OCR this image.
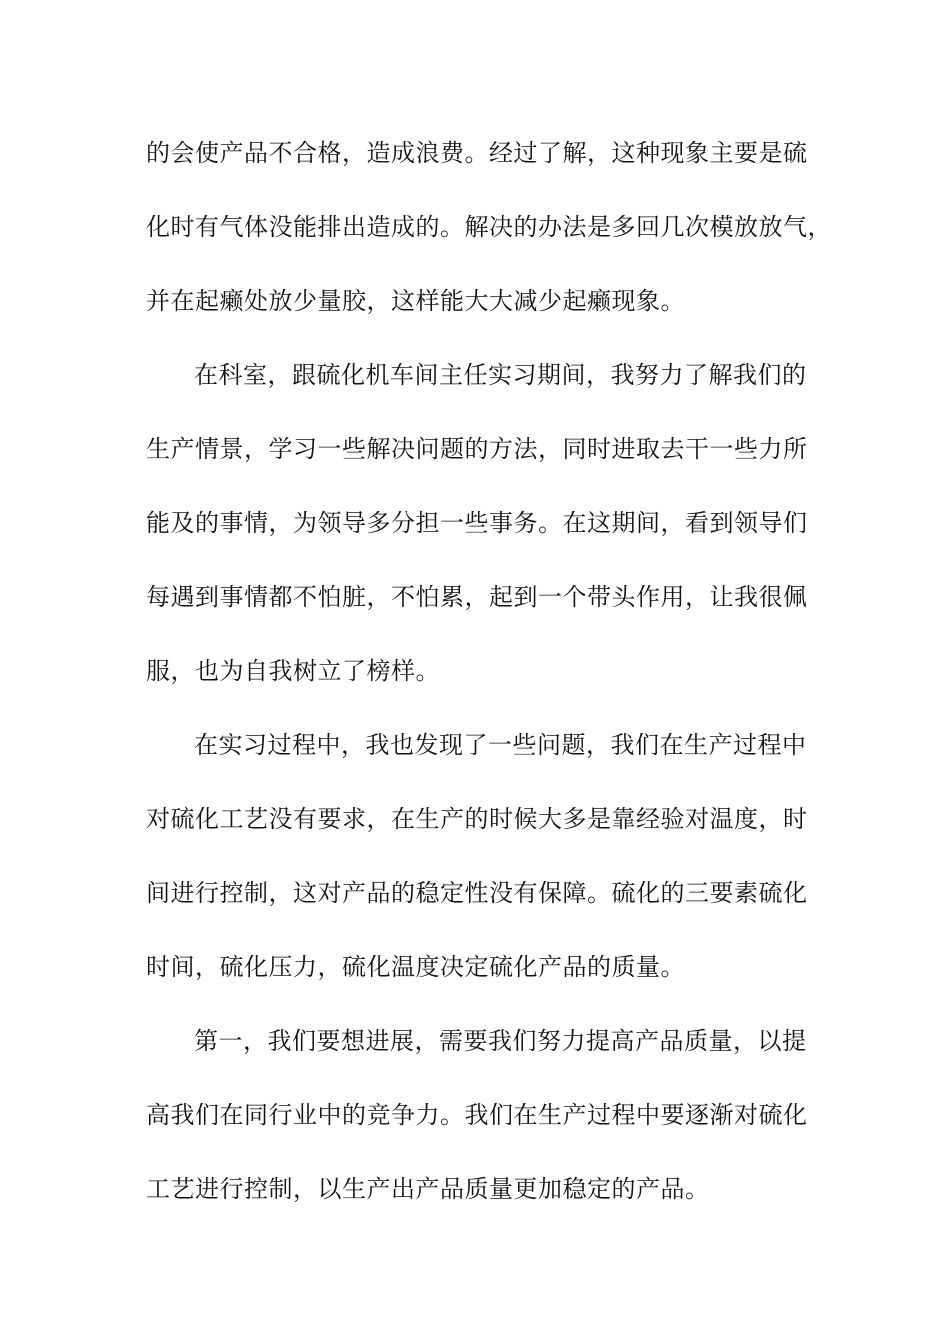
的会使产品不合格，造成浪费。经过了解，这种现象主要是硫
化时有气体没能排出造成的。解决的办法是多回几次模放放气，
并在起癞处放少量胶，这样能大大减少起癞现象。
在科室，跟硫化机车间主任实习期间，我努力了解我们的
生产情景，学习一些解决问题的方法，同时进取去干一些力所
能及的事情，为领导多分担一些事务。在这期间，看到领导们
每遇到事情都不怕脏，不怕累，起到一个带头作用，让我很佩
服，也为自我树立了榜样。
在实习过程中，我也发现了一些问题，我们在生产过程中
对硫化工艺没有要求，在生产的时候大多是靠经验对温度，时
间进行控制，这对产品的稳定性没有保障。硫化的三要素硫化
时间，硫化压力，硫化温度决定硫化产品的质量。
第一，我们要想进展，需要我们努力提高产品质量，以提
高我们在同行业中的竞争力。我们在生产过程中要逐渐对硫化
工艺进行控制，以生产出产品质量更加稳定的产品。
